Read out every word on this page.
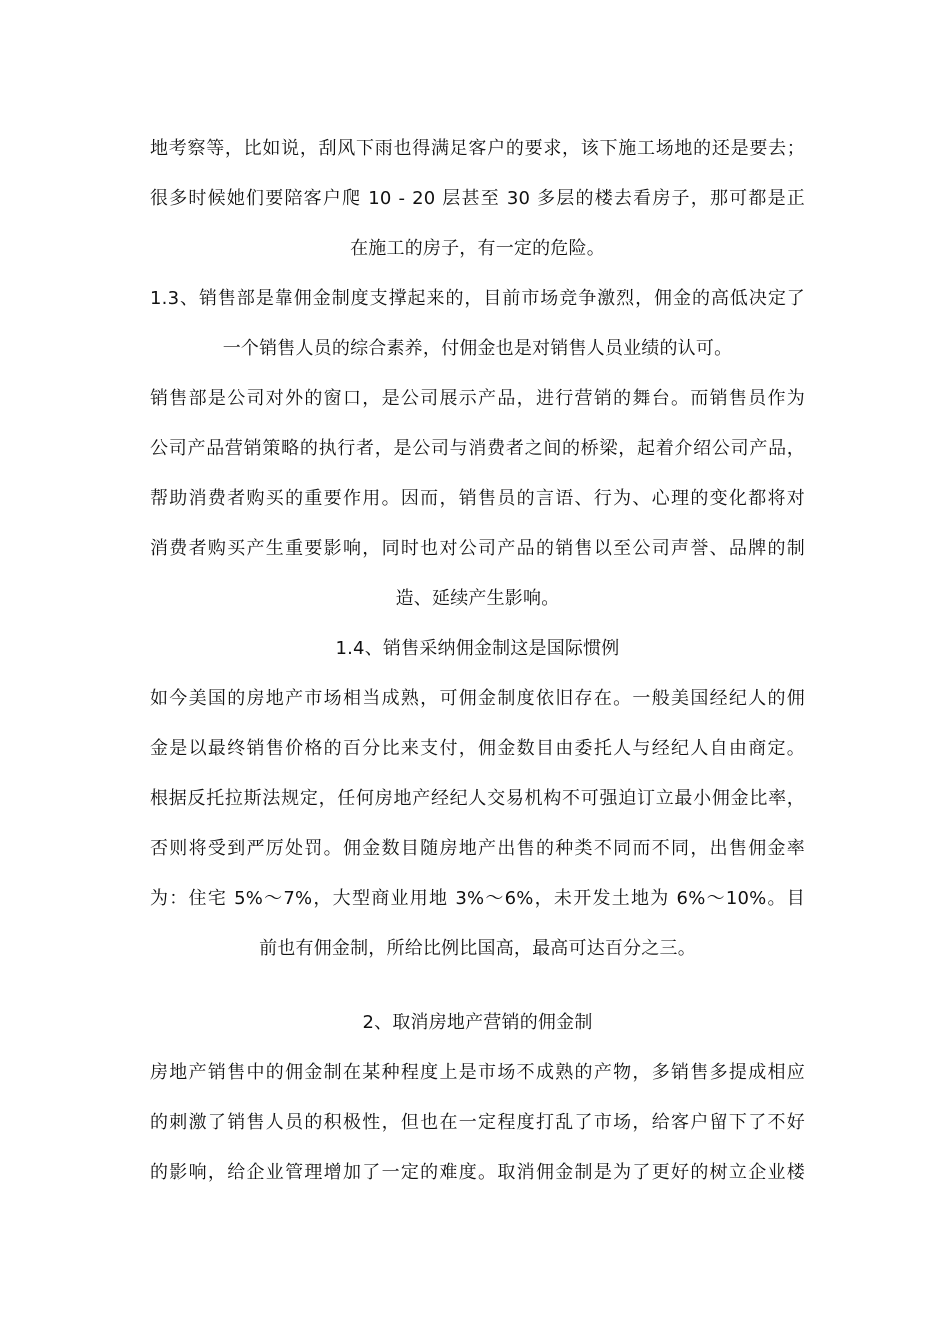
地考察等，比如说，刮风下雨也得满足客户的要求，该下施工场地的还是要去；
很多时候她们要陪客户爬 10 - 20 层甚至 30 多层的楼去看房子，那可都是正
在施工的房子，有一定的危险。
1.3、销售部是靠佣金制度支撑起来的，目前市场竞争激烈，佣金的高低决定了
一个销售人员的综合素养，付佣金也是对销售人员业绩的认可。
销售部是公司对外的窗口，是公司展示产品，进行营销的舞台。而销售员作为
公司产品营销策略的执行者，是公司与消费者之间的桥梁，起着介绍公司产品，
帮助消费者购买的重要作用。因而，销售员的言语、行为、心理的变化都将对
消费者购买产生重要影响，同时也对公司产品的销售以至公司声誉、品牌的制
造、延续产生影响。
1.4、销售采纳佣金制这是国际惯例
如今美国的房地产市场相当成熟，可佣金制度依旧存在。一般美国经纪人的佣
金是以最终销售价格的百分比来支付，佣金数目由委托人与经纪人自由商定。
根据反托拉斯法规定，任何房地产经纪人交易机构不可强迫订立最小佣金比率，
否则将受到严厉处罚。佣金数目随房地产出售的种类不同而不同，出售佣金率
为：住宅 5%～7%，大型商业用地 3%～6%，未开发土地为 6%～10%。目
前也有佣金制，所给比例比国高，最高可达百分之三。
2、取消房地产营销的佣金制
房地产销售中的佣金制在某种程度上是市场不成熟的产物，多销售多提成相应
的刺激了销售人员的积极性，但也在一定程度打乱了市场，给客户留下了不好
的影响，给企业管理增加了一定的难度。取消佣金制是为了更好的树立企业楼
